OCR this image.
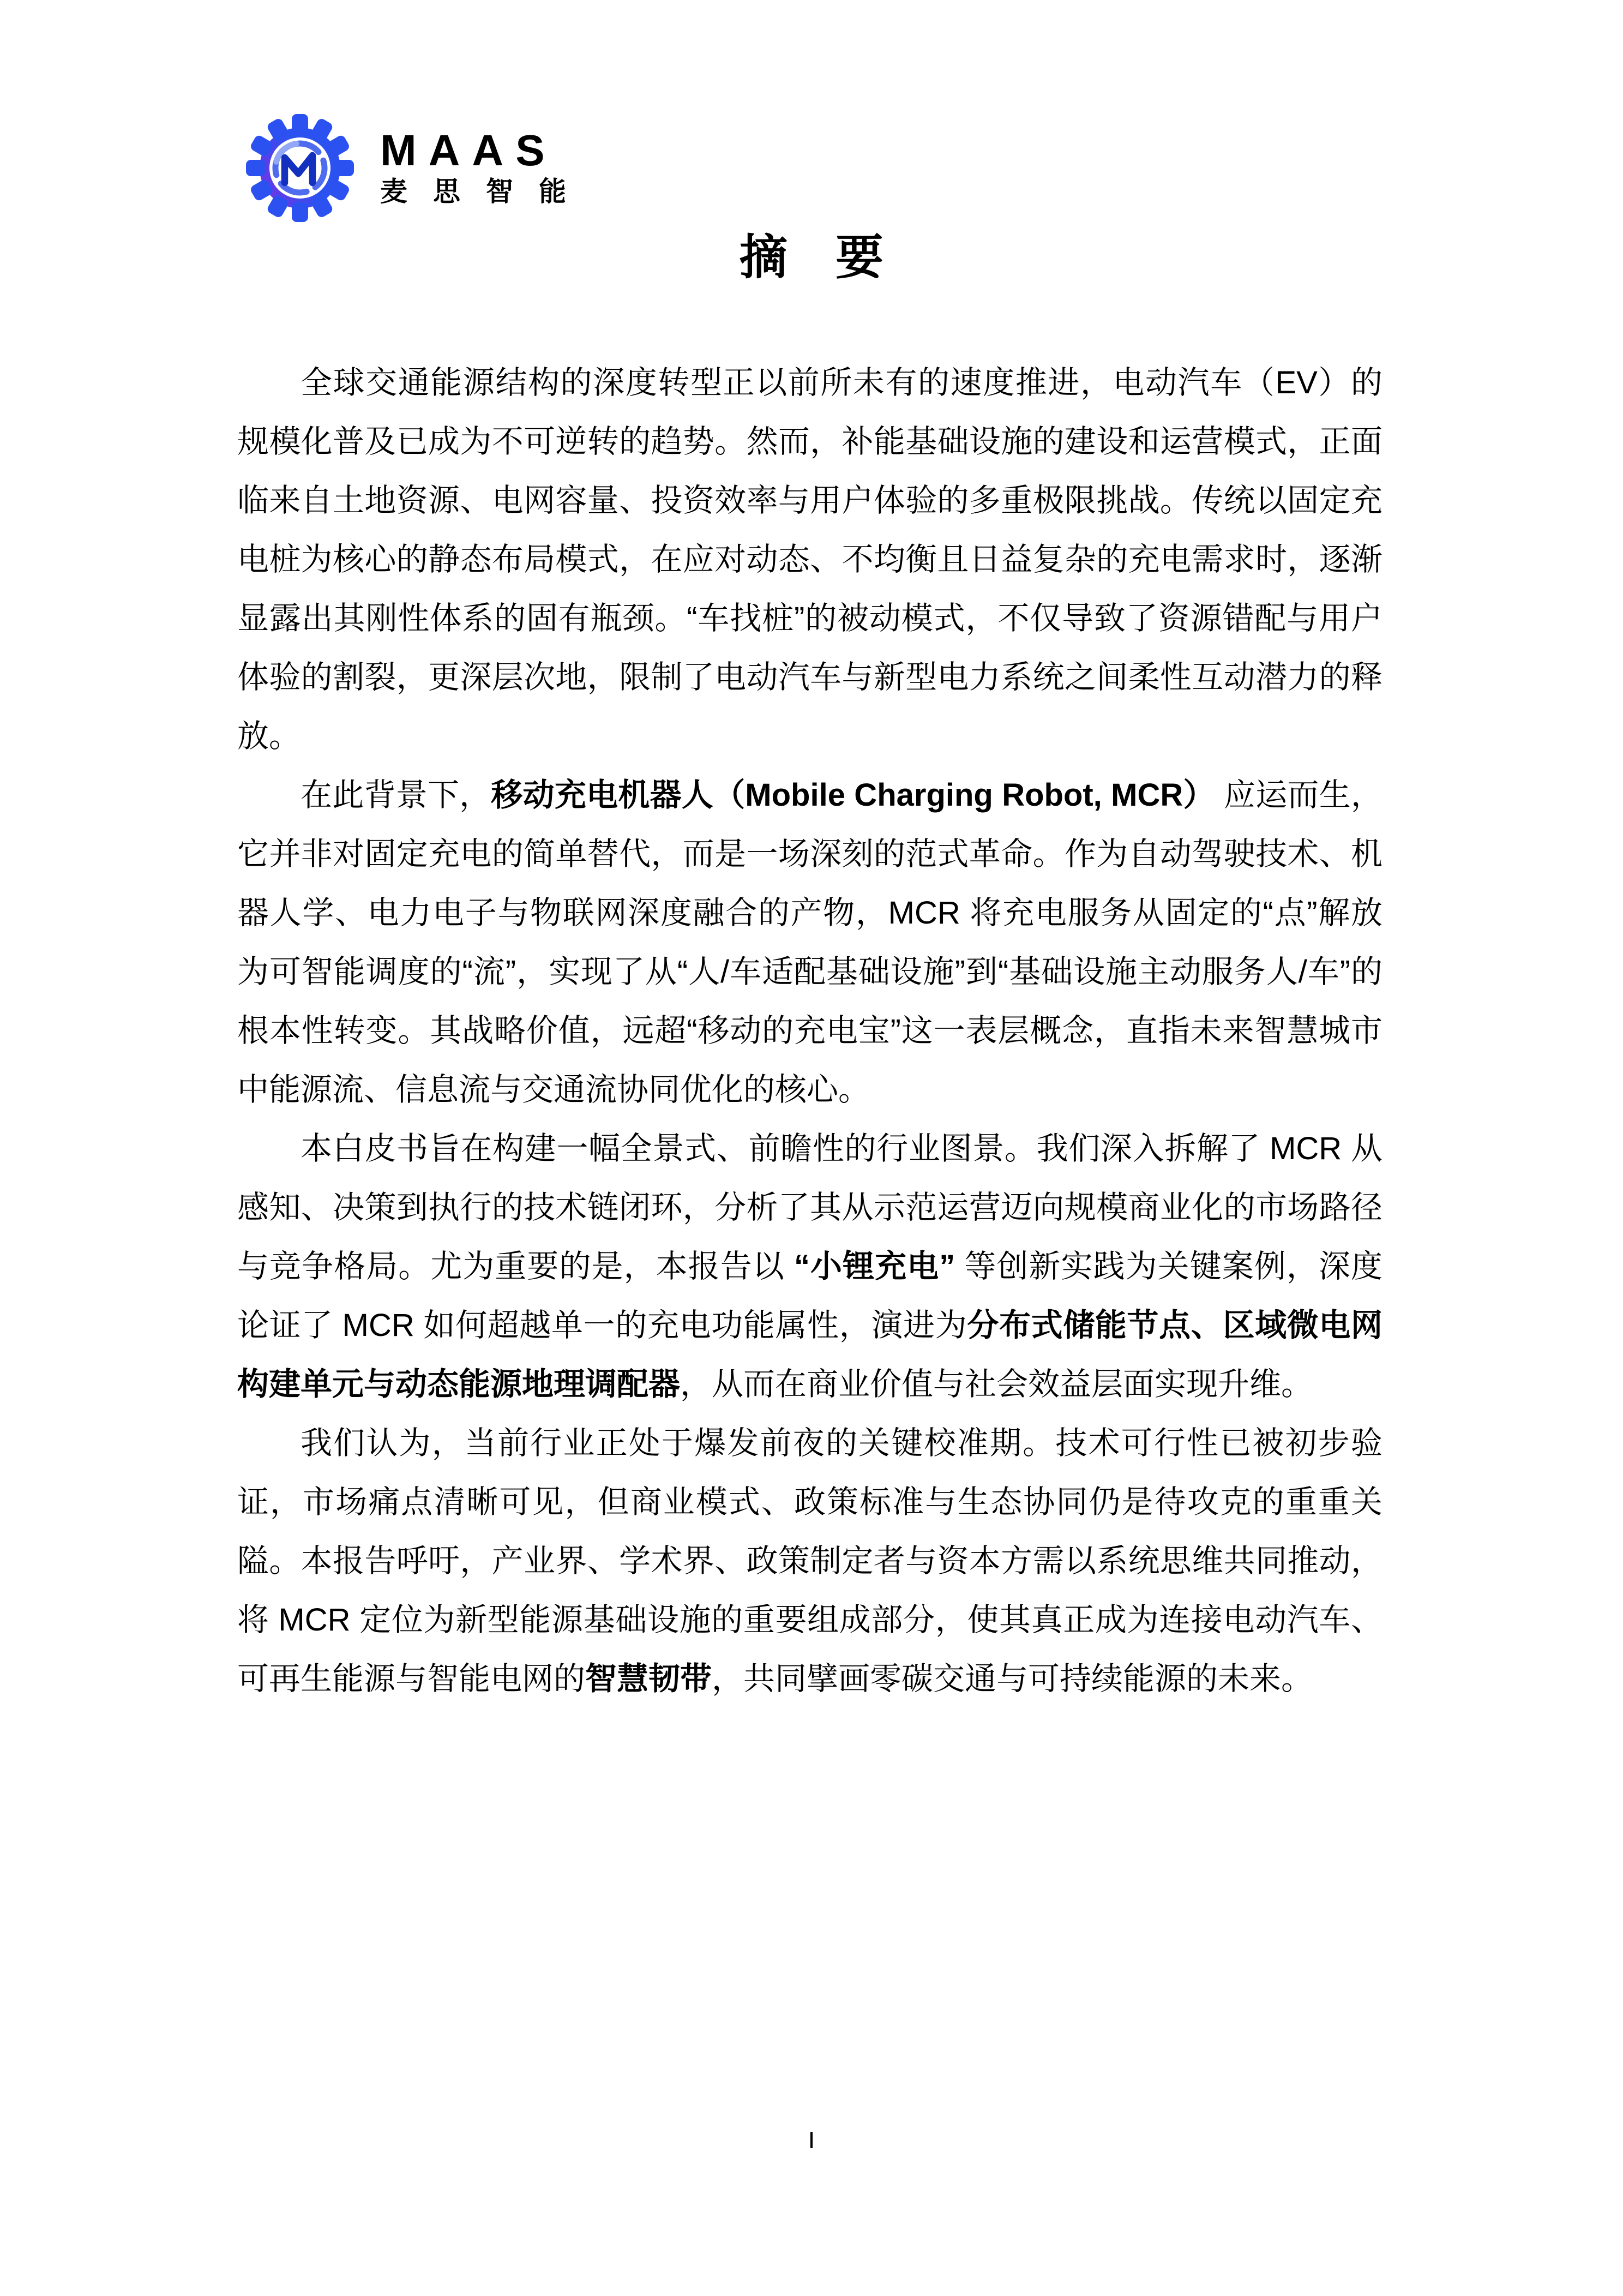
MAAS
麦思智能
摘　要

全球交通能源结构的深度转型正以前所未有的速度推进，电动汽车（EV）的规模化普及已成为不可逆转的趋势。然而，补能基础设施的建设和运营模式，正面临来自土地资源、电网容量、投资效率与用户体验的多重极限挑战。传统以固定充电桩为核心的静态布局模式，在应对动态、不均衡且日益复杂的充电需求时，逐渐显露出其刚性体系的固有瓶颈。“车找桩”的被动模式，不仅导致了资源错配与用户体验的割裂，更深层次地，限制了电动汽车与新型电力系统之间柔性互动潜力的释放。

在此背景下，移动充电机器人（Mobile Charging Robot, MCR） 应运而生，它并非对固定充电的简单替代，而是一场深刻的范式革命。作为自动驾驶技术、机器人学、电力电子与物联网深度融合的产物，MCR 将充电服务从固定的“点”解放为可智能调度的“流”，实现了从“人/车适配基础设施”到“基础设施主动服务人/车”的根本性转变。其战略价值，远超“移动的充电宝”这一表层概念，直指未来智慧城市中能源流、信息流与交通流协同优化的核心。

本白皮书旨在构建一幅全景式、前瞻性的行业图景。我们深入拆解了 MCR 从感知、决策到执行的技术链闭环，分析了其从示范运营迈向规模商业化的市场路径与竞争格局。尤为重要的是，本报告以 “小锂充电” 等创新实践为关键案例，深度论证了 MCR 如何超越单一的充电功能属性，演进为分布式储能节点、区域微电网构建单元与动态能源地理调配器，从而在商业价值与社会效益层面实现升维。

我们认为，当前行业正处于爆发前夜的关键校准期。技术可行性已被初步验证，市场痛点清晰可见，但商业模式、政策标准与生态协同仍是待攻克的重重关隘。本报告呼吁，产业界、学术界、政策制定者与资本方需以系统思维共同推动，将 MCR 定位为新型能源基础设施的重要组成部分，使其真正成为连接电动汽车、可再生能源与智能电网的智慧韧带，共同擘画零碳交通与可持续能源的未来。

I
